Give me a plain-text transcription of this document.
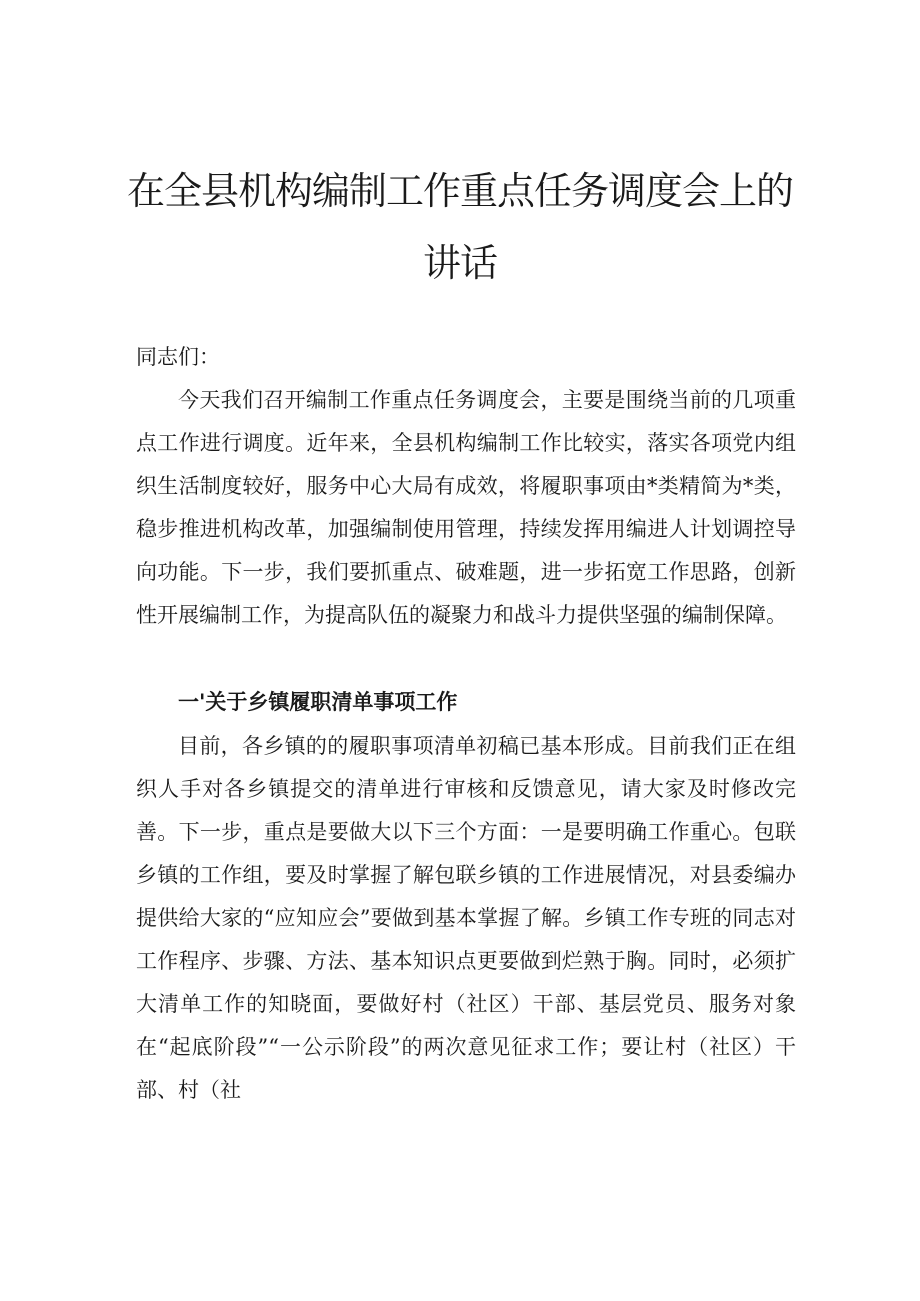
在全县机构编制工作重点任务调度会上的
讲话

同志们：

今天我们召开编制工作重点任务调度会，主要是围绕当前的几项重点工作进行调度。近年来，全县机构编制工作比较实，落实各项党内组织生活制度较好，服务中心大局有成效，将履职事项由*类精简为*类，稳步推进机构改革，加强编制使用管理，持续发挥用编进人计划调控导向功能。下一步，我们要抓重点、破难题，进一步拓宽工作思路，创新性开展编制工作，为提高队伍的凝聚力和战斗力提供坚强的编制保障。

一'关于乡镇履职清单事项工作

目前，各乡镇的的履职事项清单初稿已基本形成。目前我们正在组织人手对各乡镇提交的清单进行审核和反馈意见，请大家及时修改完善。下一步，重点是要做大以下三个方面：一是要明确工作重心。包联乡镇的工作组，要及时掌握了解包联乡镇的工作进展情况，对县委编办提供给大家的“应知应会”要做到基本掌握了解。乡镇工作专班的同志对工作程序、步骤、方法、基本知识点更要做到烂熟于胸。同时，必须扩大清单工作的知晓面，要做好村（社区）干部、基层党员、服务对象在“起底阶段”“一公示阶段”的两次意见征求工作；要让村（社区）干部、村（社
